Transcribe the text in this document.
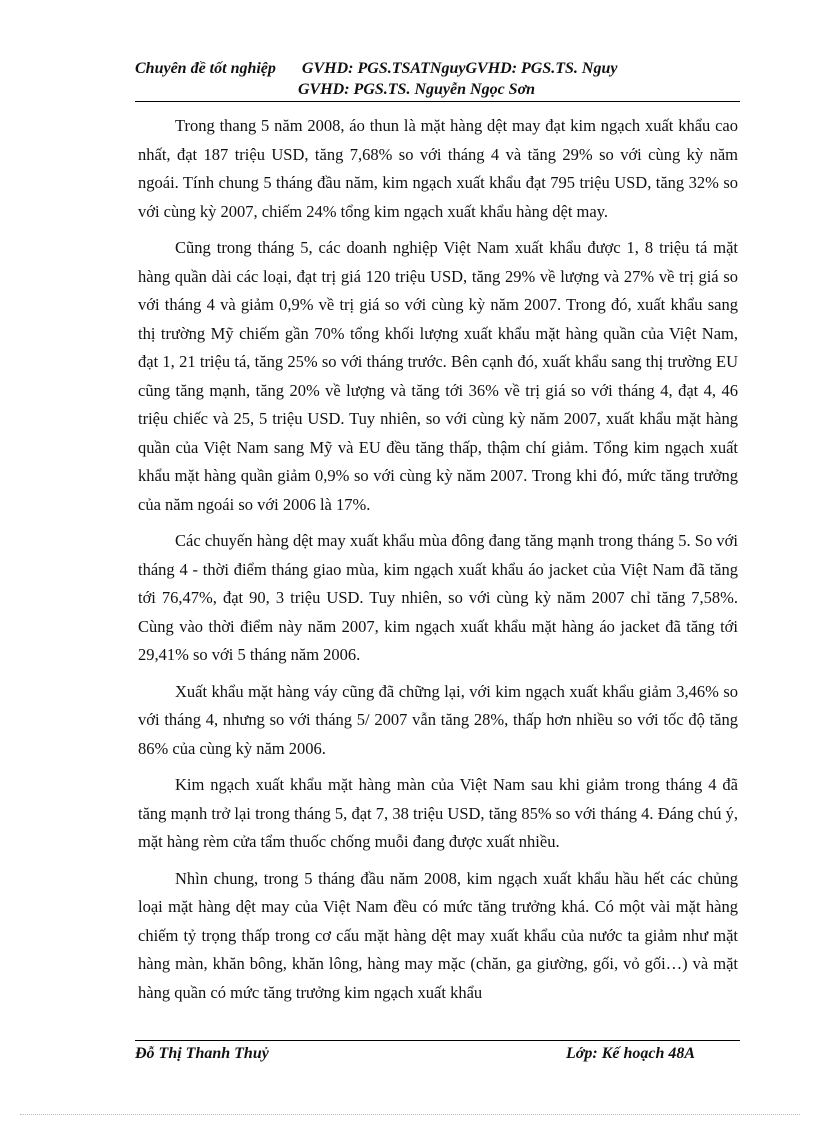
Chuyên đề tốt nghiệp GVHD: PGS.TSATNguyGVHD: PGS.TS. Nguy
GVHD: PGS.TS. Nguyễn Ngọc Sơn

Trong thang 5 năm 2008, áo thun là mặt hàng dệt may đạt kim ngạch xuất khẩu cao nhất, đạt 187 triệu USD, tăng 7,68% so với tháng 4 và tăng 29% so với cùng kỳ năm ngoái. Tính chung 5 tháng đầu năm, kim ngạch xuất khẩu đạt 795 triệu USD, tăng 32% so với cùng kỳ 2007, chiếm 24% tổng kim ngạch xuất khẩu hàng dệt may.

Cũng trong tháng 5, các doanh nghiệp Việt Nam xuất khẩu được 1, 8 triệu tá mặt hàng quần dài các loại, đạt trị giá 120 triệu USD, tăng 29% về lượng và 27% về trị giá so với tháng 4 và giảm 0,9% về trị giá so với cùng kỳ năm 2007. Trong đó, xuất khẩu sang thị trường Mỹ chiếm gần 70% tổng khối lượng xuất khẩu mặt hàng quần của Việt Nam, đạt 1, 21 triệu tá, tăng 25% so với tháng trước. Bên cạnh đó, xuất khẩu sang thị trường EU cũng tăng mạnh, tăng 20% về lượng và tăng tới 36% về trị giá so với tháng 4, đạt 4, 46 triệu chiếc và 25, 5 triệu USD. Tuy nhiên, so với cùng kỳ năm 2007, xuất khẩu mặt hàng quần của Việt Nam sang Mỹ và EU đều tăng thấp, thậm chí giảm. Tổng kim ngạch xuất khẩu mặt hàng quần giảm 0,9% so với cùng kỳ năm 2007. Trong khi đó, mức tăng trưởng của năm ngoái so với 2006 là 17%.

Các chuyến hàng dệt may xuất khẩu mùa đông đang tăng mạnh trong tháng 5. So với tháng 4 - thời điểm tháng giao mùa, kim ngạch xuất khẩu áo jacket của Việt Nam đã tăng tới 76,47%, đạt 90, 3 triệu USD. Tuy nhiên, so với cùng kỳ năm 2007 chỉ tăng 7,58%. Cùng vào thời điểm này năm 2007, kim ngạch xuất khẩu mặt hàng áo jacket đã tăng tới 29,41% so với 5 tháng năm 2006.

Xuất khẩu mặt hàng váy cũng đã chững lại, với kim ngạch xuất khẩu giảm 3,46% so với tháng 4, nhưng so với tháng 5/ 2007 vẫn tăng 28%, thấp hơn nhiều so với tốc độ tăng 86% của cùng kỳ năm 2006.

Kim ngạch xuất khẩu mặt hàng màn của Việt Nam sau khi giảm trong tháng 4 đã tăng mạnh trở lại trong tháng 5, đạt 7, 38 triệu USD, tăng 85% so với tháng 4. Đáng chú ý, mặt hàng rèm cửa tẩm thuốc chống muỗi đang được xuất nhiều.

Nhìn chung, trong 5 tháng đầu năm 2008, kim ngạch xuất khẩu hầu hết các chủng loại mặt hàng dệt may của Việt Nam đều có mức tăng trưởng khá. Có một vài mặt hàng chiếm tỷ trọng thấp trong cơ cấu mặt hàng dệt may xuất khẩu của nước ta giảm như mặt hàng màn, khăn bông, khăn lông, hàng may mặc (chăn, ga giường, gối, vỏ gối…) và mặt hàng quần có mức tăng trưởng kim ngạch xuất khẩu

Đỗ Thị Thanh Thuỷ	Lớp: Kế hoạch 48A
